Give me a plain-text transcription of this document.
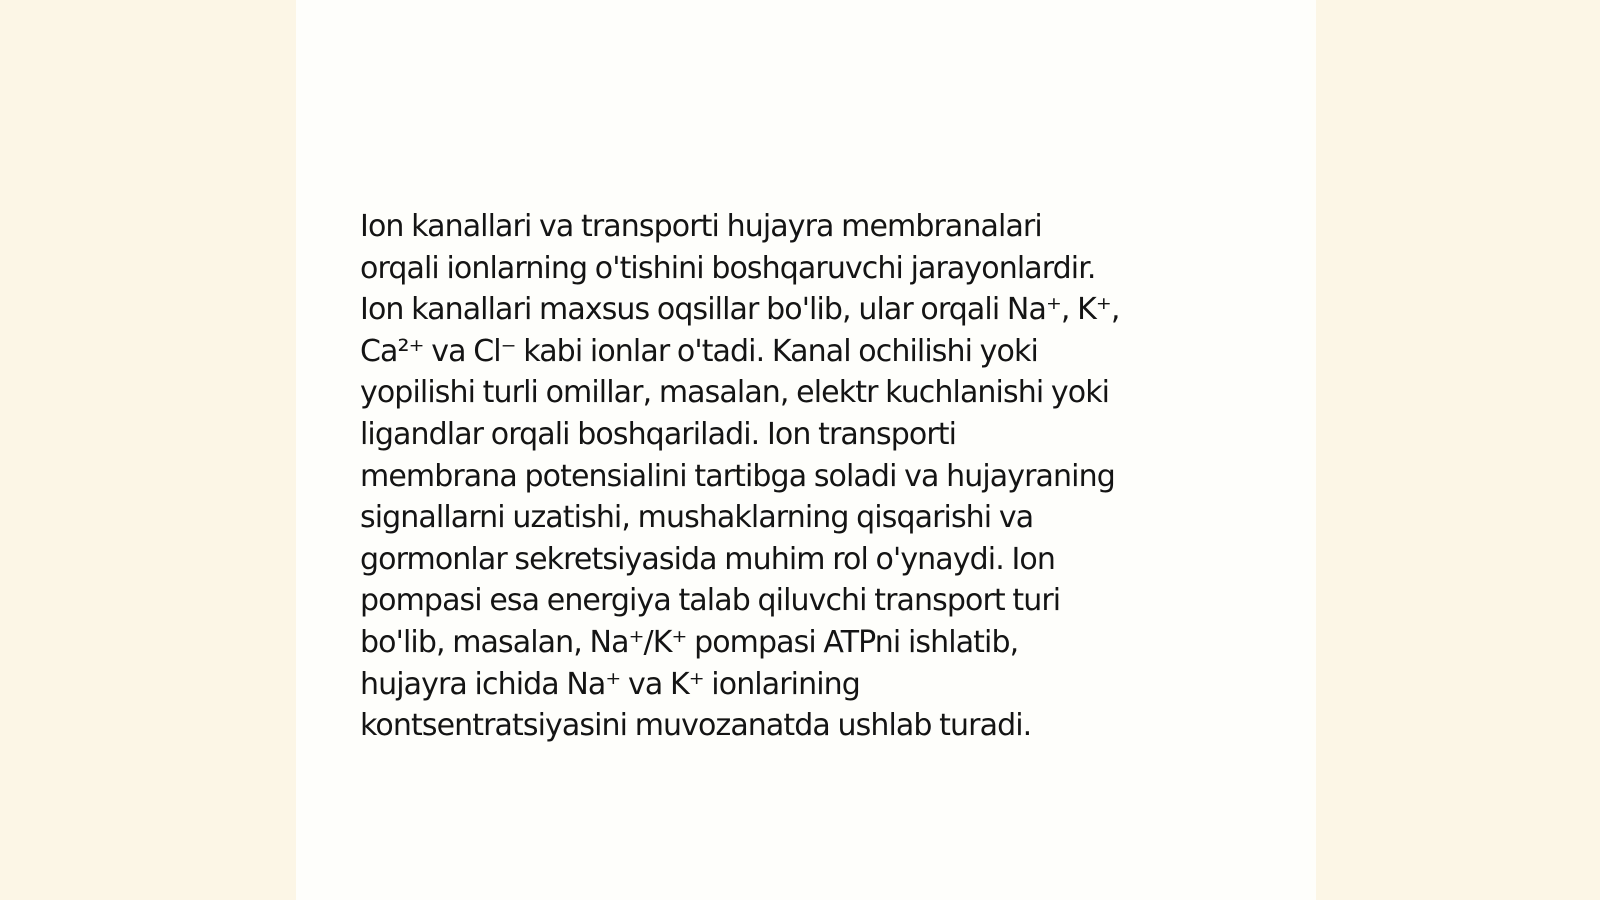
Ion kanallari va transporti hujayra membranalari
orqali ionlarning o'tishini boshqaruvchi jarayonlardir.
Ion kanallari maxsus oqsillar bo'lib, ular orqali Na⁺, K⁺,
Ca²⁺ va Cl⁻ kabi ionlar o'tadi. Kanal ochilishi yoki
yopilishi turli omillar, masalan, elektr kuchlanishi yoki
ligandlar orqali boshqariladi. Ion transporti
membrana potensialini tartibga soladi va hujayraning
signallarni uzatishi, mushaklarning qisqarishi va
gormonlar sekretsiyasida muhim rol o'ynaydi. Ion
pompasi esa energiya talab qiluvchi transport turi
bo'lib, masalan, Na⁺/K⁺ pompasi ATPni ishlatib,
hujayra ichida Na⁺ va K⁺ ionlarining
kontsentratsiyasini muvozanatda ushlab turadi.
